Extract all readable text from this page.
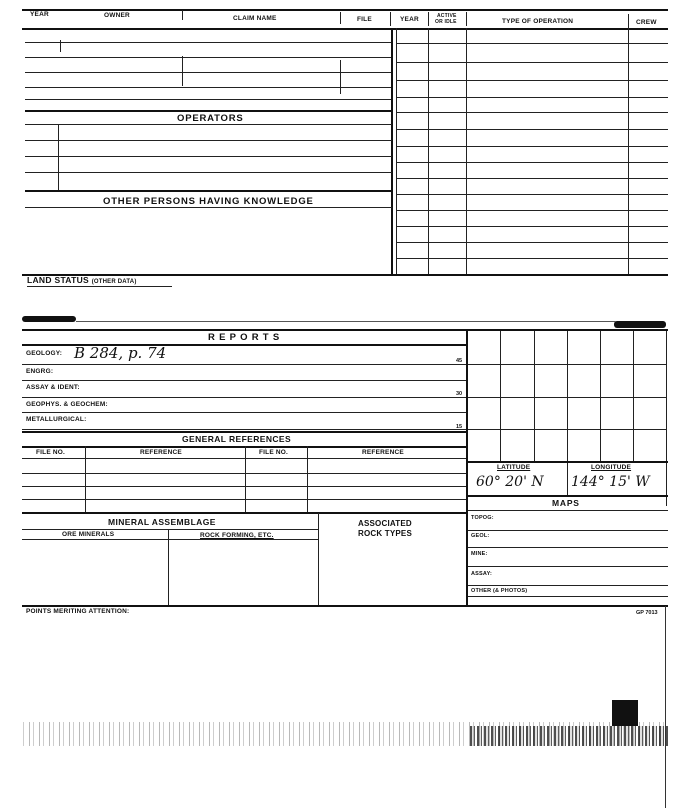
YEAR	OWNER	CLAIM NAME	FILE	YEAR	ACTIVE
OR IDLE	TYPE OF OPERATION	CREW
OPERATORS
OTHER PERSONS HAVING KNOWLEDGE
LAND STATUS (OTHER DATA)
R E P O R T S
GEOLOGY: B 284, p. 74	45
ENGRG:
ASSAY & IDENT:
30
GEOPHYS. & GEOCHEM:
METALLURGICAL:
15
LATITUDE	LONGITUDE
60° 20' N 144° 15' W
MAPS
TOPOG:
GEOL:
MINE:
ASSAY:
OTHER (& PHOTOS)
GENERAL REFERENCES
FILE NO.	REFERENCE	FILE NO.	REFERENCE
MINERAL ASSEMBLAGE	ASSOCIATED
ROCK TYPES
ORE MINERALS	ROCK FORMING, ETC.
POINTS MERITING ATTENTION:	GP 7013
